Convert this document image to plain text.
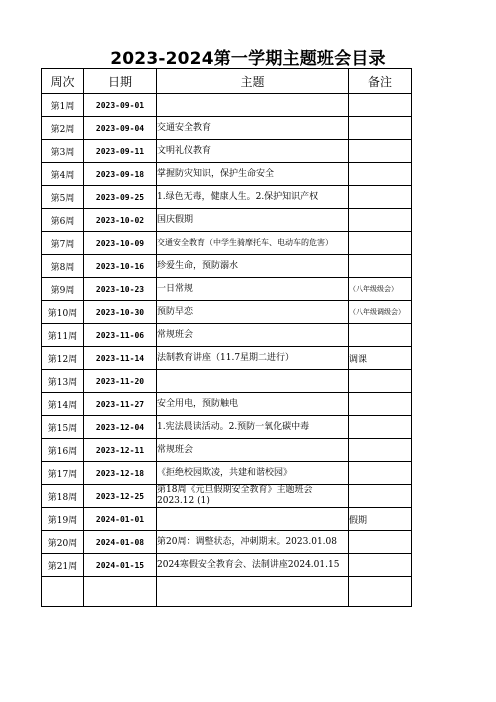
2023-2024第一学期主题班会目录
周次	日期	主题	备注
第1周	2023-09-01		
第2周	2023-09-04	交通安全教育	
第3周	2023-09-11	文明礼仪教育	
第4周	2023-09-18	掌握防灾知识，保护生命安全	
第5周	2023-09-25	1.绿色无毒，健康人生。2.保护知识产权	
第6周	2023-10-02	国庆假期	
第7周	2023-10-09	交通安全教育（中学生骑摩托车、电动车的危害）	
第8周	2023-10-16	珍爱生命，预防溺水	
第9周	2023-10-23	一日常规	（八年级级会）
第10周	2023-10-30	预防早恋	（八年级调级会）
第11周	2023-11-06	常规班会	
第12周	2023-11-14	法制教育讲座（11.7星期二进行）	调课
第13周	2023-11-20		
第14周	2023-11-27	安全用电，预防触电	
第15周	2023-12-04	1.宪法晨读活动。2.预防一氧化碳中毒	
第16周	2023-12-11	常规班会	
第17周	2023-12-18	《拒绝校园欺凌，共建和谐校园》	
第18周	2023-12-25	第18周《元旦假期安全教育》主题班会2023.12 (1)	
第19周	2024-01-01		假期
第20周	2024-01-08	第20周：调整状态，冲刺期末。2023.01.08	
第21周	2024-01-15	2024寒假安全教育会、法制讲座2024.01.15	
